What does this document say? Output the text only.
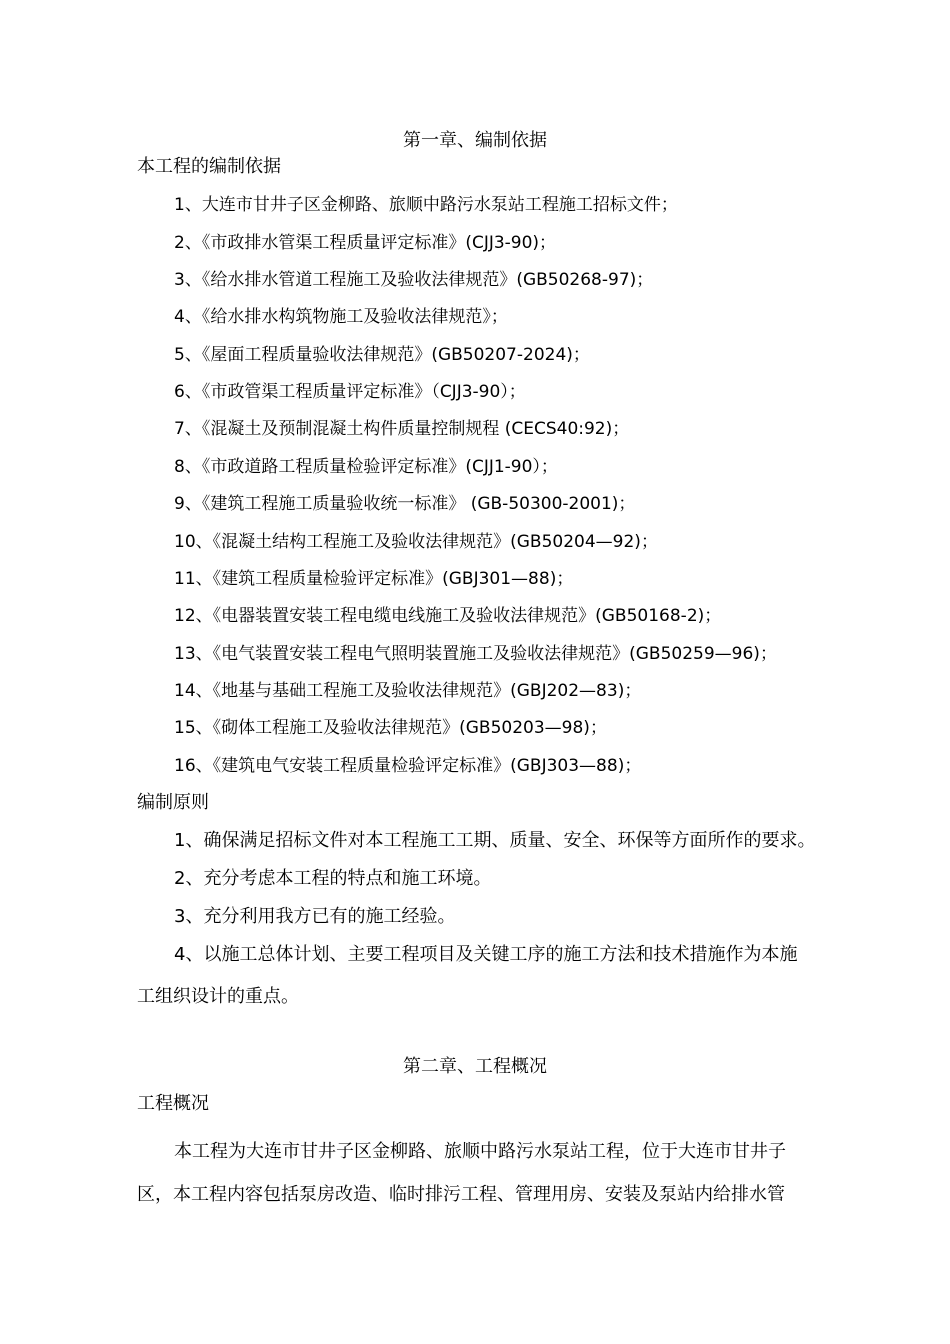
第一章、编制依据
本工程的编制依据
1、大连市甘井子区金柳路、旅顺中路污水泵站工程施工招标文件；
2、《市政排水管渠工程质量评定标准》(CJJ3-90)；
3、《给水排水管道工程施工及验收法律规范》(GB50268-97)；
4、《给水排水构筑物施工及验收法律规范》；
5、《屋面工程质量验收法律规范》(GB50207-2024)；
6、《市政管渠工程质量评定标准》（CJJ3-90）；
7、《混凝土及预制混凝土构件质量控制规程 (CECS40:92)；
8、《市政道路工程质量检验评定标准》(CJJ1-90）；
9、《建筑工程施工质量验收统一标准》 (GB-50300-2001)；
10、《混凝土结构工程施工及验收法律规范》(GB50204—92)；
11、《建筑工程质量检验评定标准》(GBJ301—88)；
12、《电器装置安装工程电缆电线施工及验收法律规范》(GB50168-2)；
13、《电气装置安装工程电气照明装置施工及验收法律规范》(GB50259—96)；
14、《地基与基础工程施工及验收法律规范》(GBJ202—83)；
15、《砌体工程施工及验收法律规范》(GB50203—98)；
16、《建筑电气安装工程质量检验评定标准》(GBJ303—88)；
编制原则
1、确保满足招标文件对本工程施工工期、质量、安全、环保等方面所作的要求。
2、充分考虑本工程的特点和施工环境。
3、充分利用我方已有的施工经验。
4、以施工总体计划、主要工程项目及关键工序的施工方法和技术措施作为本施
工组织设计的重点。
第二章、工程概况
工程概况
本工程为大连市甘井子区金柳路、旅顺中路污水泵站工程，位于大连市甘井子
区，本工程内容包括泵房改造、临时排污工程、管理用房、安装及泵站内给排水管
